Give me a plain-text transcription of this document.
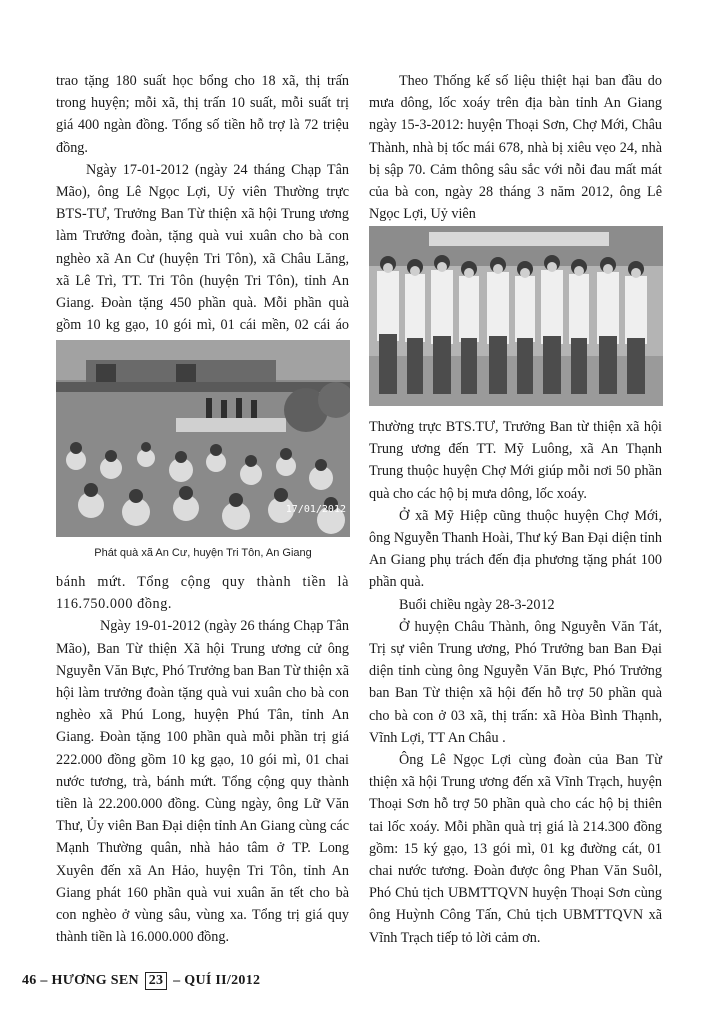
trao tặng 180 suất học bổng cho 18 xã, thị trấn trong huyện; mỗi xã, thị trấn 10 suất, mỗi suất trị giá 400 ngàn đồng. Tổng số tiền hỗ trợ là 72 triệu đồng.

Ngày 17-01-2012 (ngày 24 tháng Chạp Tân Mão), ông Lê Ngọc Lợi, Uỷ viên Thường trực BTS-TƯ, Trưởng Ban Từ thiện xã hội Trung ương làm Trưởng đoàn, tặng quà vui xuân cho bà con nghèo xã An Cư (huyện Tri Tôn), xã Châu Lăng, xã Lê Trì, TT. Tri Tôn (huyện Tri Tôn), tỉnh An Giang. Đoàn tặng 450 phần quà. Mỗi phần quà gồm 10 kg gạo, 10 gói mì, 01 cái mền, 02 cái áo

17/01/2012
Phát quà xã An Cư, huyện Tri Tôn, An Giang

bánh mứt. Tổng cộng quy thành tiền là 116.750.000 đồng.

Ngày 19-01-2012 (ngày 26 tháng Chạp Tân Mão), Ban Từ thiện Xã hội Trung ương cử ông Nguyễn Văn Bực, Phó Trưởng ban Ban Từ thiện xã hội làm trưởng đoàn tặng quà vui xuân cho bà con nghèo xã Phú Long, huyện Phú Tân, tỉnh An Giang. Đoàn tặng 100 phần quà mỗi phần trị giá 222.000 đồng gồm 10 kg gạo, 10 gói mì, 01 chai nước tương, trà, bánh mứt. Tổng cộng quy thành tiền là 22.200.000 đồng. Cùng ngày, ông Lữ Văn Thư, Ủy viên Ban Đại diện tỉnh An Giang cùng các Mạnh Thường quân, nhà hảo tâm ở TP. Long Xuyên đến xã An Hảo, huyện Tri Tôn, tỉnh An Giang phát 160 phần quà vui xuân ăn tết cho bà con nghèo ở vùng sâu, vùng xa. Tổng trị giá quy thành tiền là 16.000.000 đồng.

Theo Thống kế số liệu thiệt hại ban đầu do mưa dông, lốc xoáy trên địa bàn tỉnh An Giang ngày 15-3-2012: huyện Thoại Sơn, Chợ Mới, Châu Thành, nhà bị tốc mái 678, nhà bị xiêu vẹo 24, nhà bị sập 70. Cảm thông sâu sắc với nỗi đau mất mát của bà con, ngày 28 tháng 3 năm 2012, ông Lê Ngọc Lợi, Uỷ viên

Thường trực BTS.TƯ, Trưởng Ban từ thiện xã hội Trung ương đến TT. Mỹ Luông, xã An Thạnh Trung thuộc huyện Chợ Mới giúp mỗi nơi 50 phần quà cho các hộ bị mưa dông, lốc xoáy.

Ở xã Mỹ Hiệp cũng thuộc huyện Chợ Mới, ông Nguyễn Thanh Hoài, Thư ký Ban Đại diện tỉnh An Giang phụ trách đến địa phương tặng phát 100 phần quà.

Buổi chiều ngày 28-3-2012

Ở huyện Châu Thành, ông Nguyễn Văn Tát, Trị sự viên Trung ương, Phó Trưởng ban Ban Đại diện tỉnh cùng ông Nguyễn Văn Bực, Phó Trưởng ban Ban Từ thiện xã hội đến hỗ trợ 50 phần quà cho bà con ở 03 xã, thị trấn: xã Hòa Bình Thạnh, Vĩnh Lợi, TT An Châu .

Ông Lê Ngọc Lợi cùng đoàn của Ban Từ thiện xã hội Trung ương đến xã Vĩnh Trạch, huyện Thoại Sơn hỗ trợ 50 phần quà cho các hộ bị thiên tai lốc xoáy. Mỗi phần quà trị giá là 214.300 đồng gồm: 15 ký gạo, 13 gói mì, 01 kg đường cát, 01 chai nước tương. Đoàn được ông Phan Văn Suôl, Phó Chủ tịch UBMTTQVN huyện Thoại Sơn cùng ông Huỳnh Công Tấn, Chủ tịch UBMTTQVN xã Vĩnh Trạch tiếp tỏ lời cảm ơn.

46 – HƯƠNG SEN 23 – QUÍ II/2012
